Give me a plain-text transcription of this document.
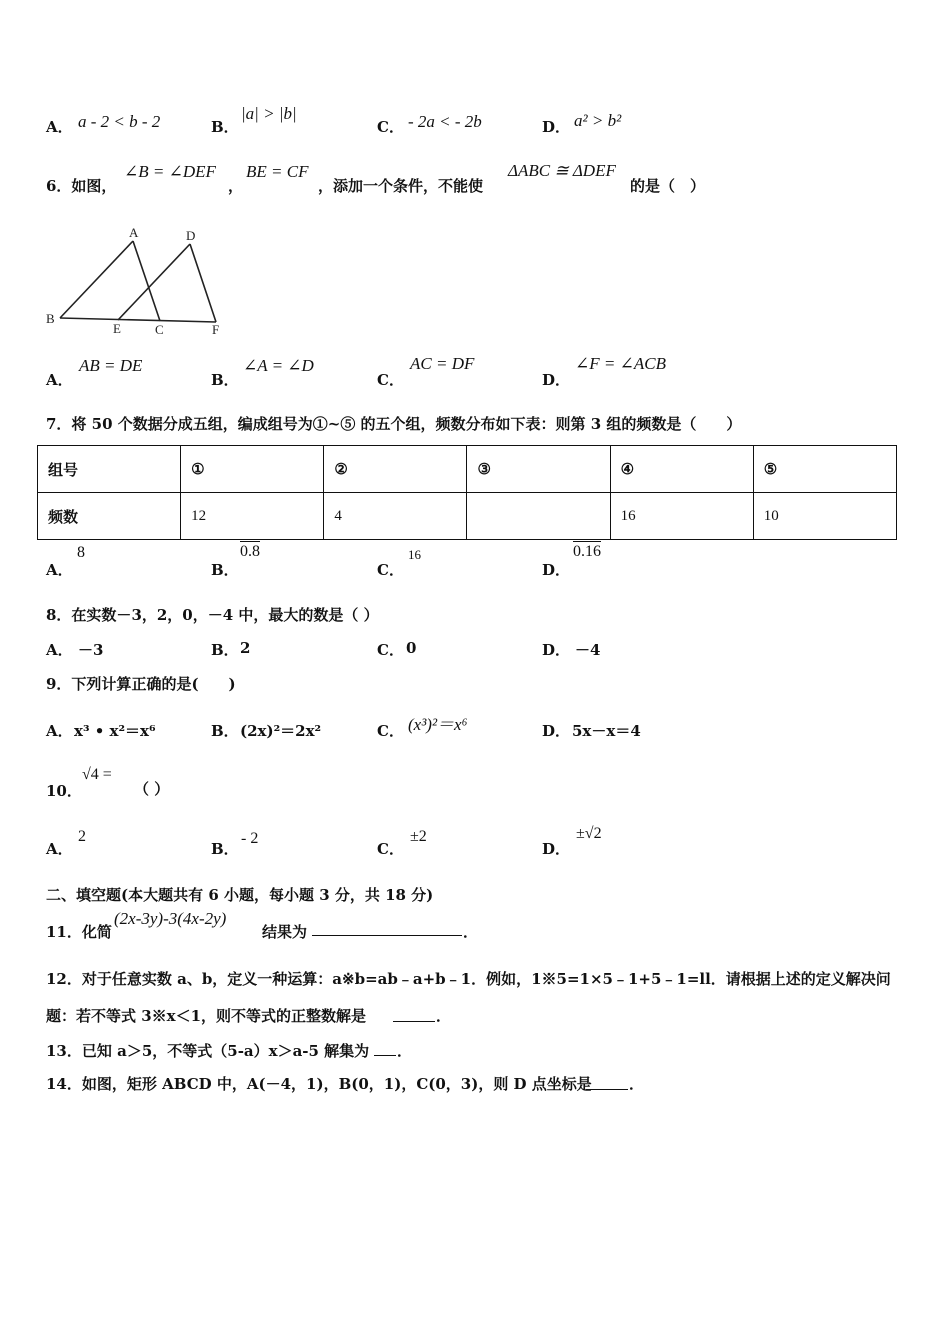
A． a - 2 < b - 2	B．
|a| > |b|
C． - 2a < - 2b	D． a² > b²
6．如图，
∠B = ∠DEF
，
BE = CF
，添加一个条件，不能使
ΔABC ≅ ΔDEF
的是（　）
A	D
B
E	C	F
A．
AB = DE
B．
∠A = ∠D
C．
AC = DF
D．
∠F = ∠ACB
7．将 50 个数据分成五组，编成组号为①~⑤ 的五个组，频数分布如下表：则第 3 组的频数是（　　）
组号	①	②	③	④	⑤
频数	12	4		16	10
A．
8
B．
0.8
C．
16
D．
0.16
8．在实数－3，2，0，－4 中，最大的数是（ ）
A． －3	B． 2	C． 0	D． －4
9．下列计算正确的是(　　)
A． x³ • x²＝x⁶	B． (2x)²＝2x²	C． (x³)²＝x⁶	D． 5x－x＝4
10．
√4 =
（ ）
A．
2
B．
- 2
C．
±2
D．
±√2
二、填空题(本大题共有 6 小题，每小题 3 分，共 18 分)
11．化简
(2x-3y)-3(4x-2y)
结果为	．
12．对于任意实数 a、b，定义一种运算：a※b=ab﹣a+b﹣1．例如，1※5=1×5﹣1+5﹣1=ll．请根据上述的定义解决问
题：若不等式 3※x＜1，则不等式的正整数解是	．
13．已知 a＞5，不等式（5-a）x＞a-5 解集为 ．
14．如图，矩形 ABCD 中，A(－4，1)，B(0，1)，C(0，3)，则 D 点坐标是 ．
